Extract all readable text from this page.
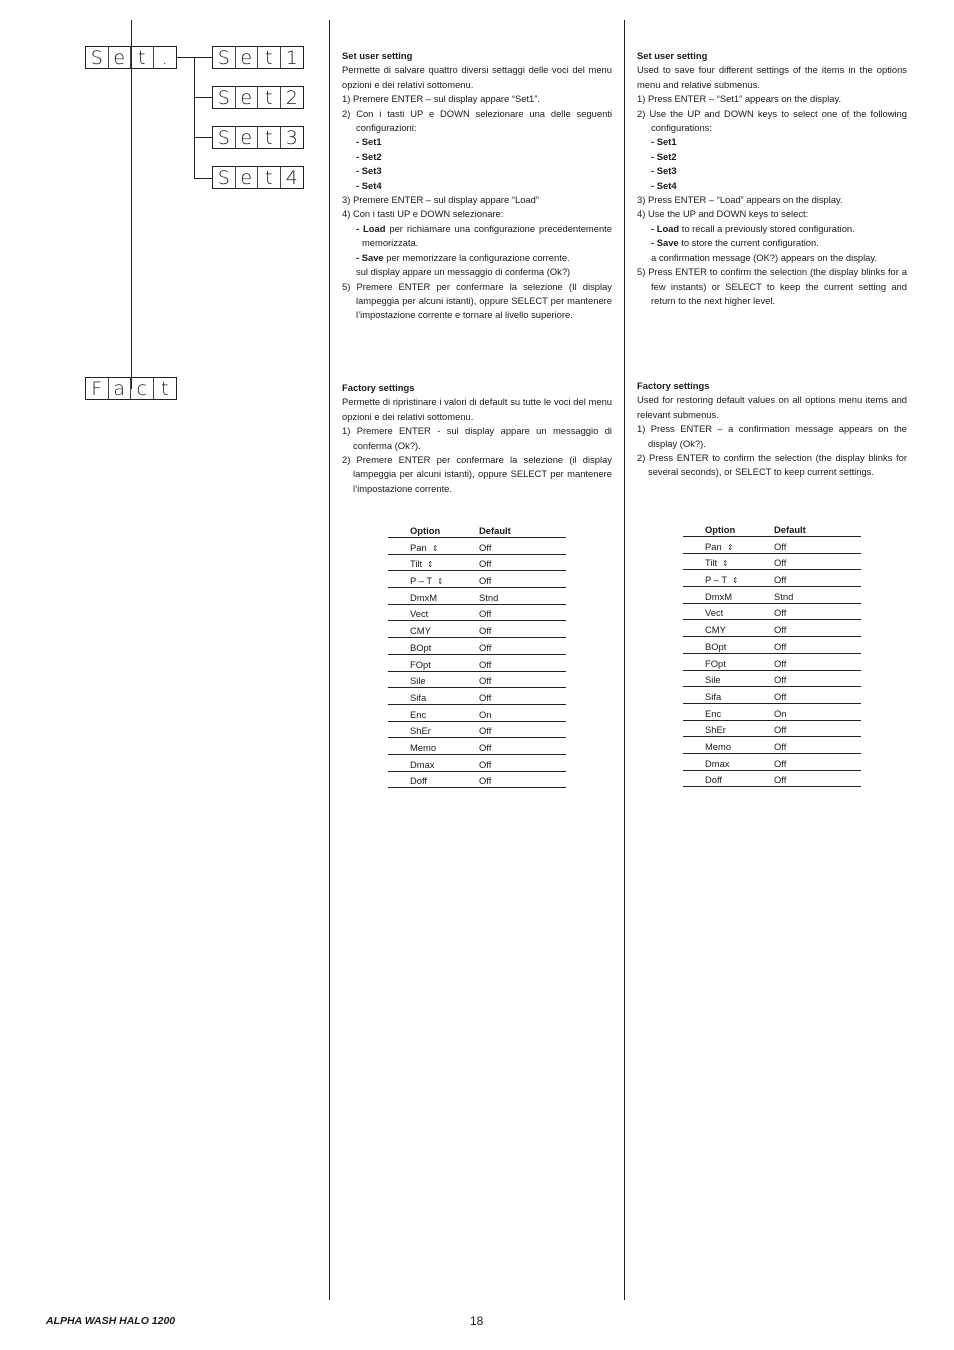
S e t .	S e t 1
S e t 2
S e t 3
S e t 4
F a c t
Set user setting

Permette di salvare quattro diversi settaggi delle voci del menu opzioni e dei relativi sottomenu.

1) Premere ENTER – sul display appare “Set1”.
2) Con i tasti UP e DOWN selezionare una delle seguenti configurazioni:
- Set1
- Set2
- Set3
- Set4
3) Premere ENTER – sul display appare “Load”
4) Con i tasti UP e DOWN selezionare:
- Load per richiamare una configurazione precedentemente memorizzata.
- Save per memorizzare la configurazione corrente.
sul display appare un messaggio di conferma (Ok?)
5) Premere ENTER per confermare la selezione (Il display lampeggia per alcuni istanti), oppure SELECT per mantenere l’impostazione corrente e tornare al livello superiore.
Set user setting

Used to save four different settings of the items in the options menu and relative submenus.

1) Press ENTER – “Set1” appears on the display.
2) Use the UP and DOWN keys to select one of the following configurations:
- Set1
- Set2
- Set3
- Set4
3) Press ENTER – “Load” appears on the display.
4) Use the UP and DOWN keys to select:
- Load to recall a previously stored configuration.
- Save to store the current configuration.
a confirmation message (OK?) appears on the display.
5) Press ENTER to confirm the selection (the display blinks for a few instants) or SELECT to keep the current setting and return to the next higher level.
Factory settings

Permette di ripristinare i valori di default su tutte le voci del menu opzioni e dei relativi sottomenu.

1) Premere ENTER - sul display appare un messaggio di conferma (Ok?).
2) Premere ENTER per confermare la selezione (il display lampeggia per alcuni istanti), oppure SELECT per mantenere l’impostazione corrente.
Factory settings

Used for restoring default values on all options menu items and relevant submenus.

1) Press ENTER – a confirmation message appears on the display (Ok?).
2) Press ENTER to confirm the selection (the display blinks for several seconds), or SELECT to keep current settings.
Option	Default
Pan ⇕	Off
Tilt ⇕	Off
P – T ⇕	Off
DmxM	Stnd
Vect	Off
CMY	Off
BOpt	Off
FOpt	Off
Sile	Off
Sifa	Off
Enc	On
ShEr	Off
Memo	Off
Dmax	Off
Doff	Off
Option	Default
Pan ⇕	Off
Tilt ⇕	Off
P – T ⇕	Off
DmxM	Stnd
Vect	Off
CMY	Off
BOpt	Off
FOpt	Off
Sile	Off
Sifa	Off
Enc	On
ShEr	Off
Memo	Off
Dmax	Off
Doff	Off
ALPHA WASH HALO 1200	18
